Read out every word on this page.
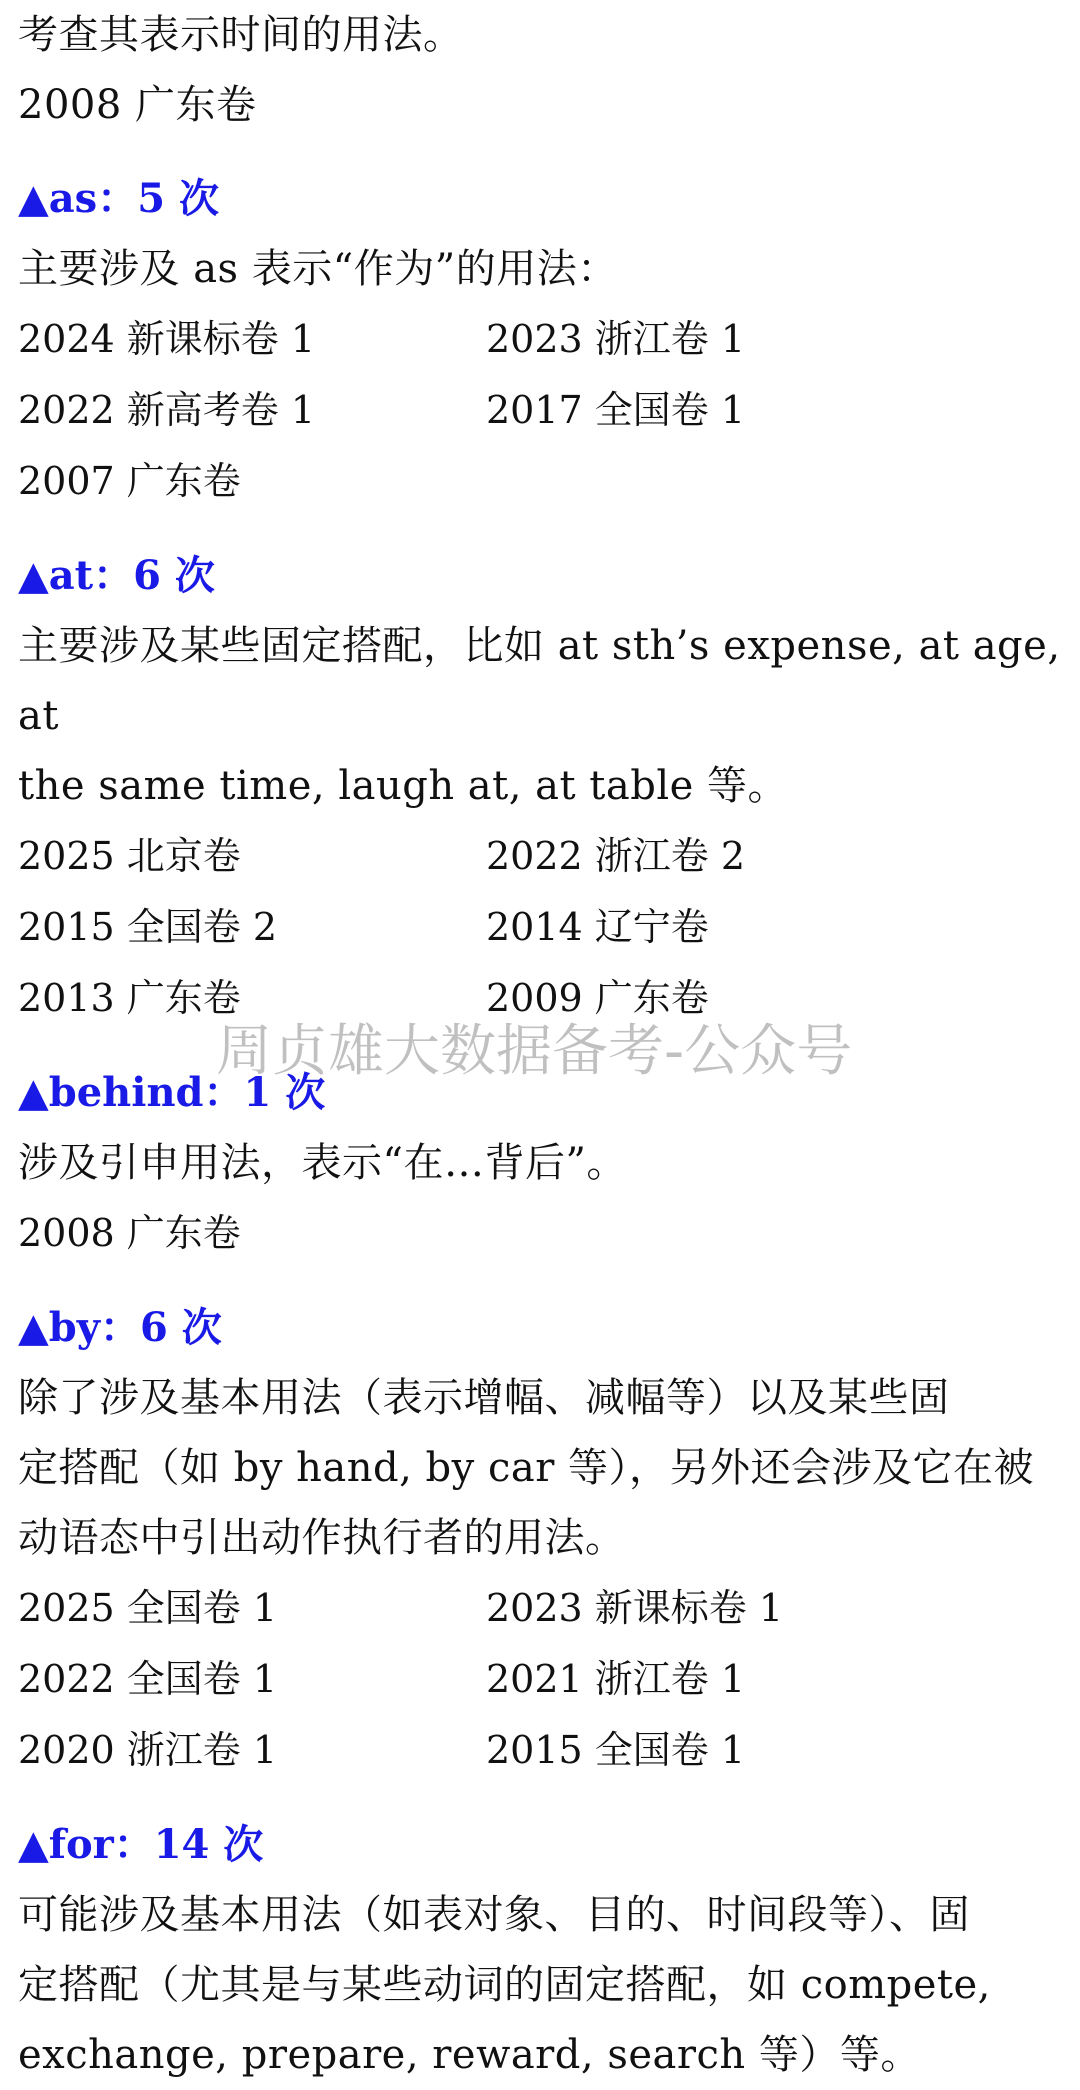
考查其表示时间的用法。

2008 广东卷

▲as：5 次

主要涉及 as 表示“作为”的用法：

2024 新课标卷 1	2023 浙江卷 1
2022 新高考卷 1	2017 全国卷 1
2007 广东卷

▲at：6 次

主要涉及某些固定搭配，比如 at sth’s expense, at age, at

the same time, laugh at, at table 等。

2025 北京卷	2022 浙江卷 2
2015 全国卷 2	2014 辽宁卷
2013 广东卷	2009 广东卷

▲behind：1 次

涉及引申用法，表示“在…背后”。

2008 广东卷

▲by：6 次

除了涉及基本用法（表示增幅、减幅等）以及某些固

定搭配（如 by hand, by car 等），另外还会涉及它在被

动语态中引出动作执行者的用法。

2025 全国卷 1	2023 新课标卷 1
2022 全国卷 1	2021 浙江卷 1
2020 浙江卷 1	2015 全国卷 1

▲for：14 次

可能涉及基本用法（如表对象、目的、时间段等）、固

定搭配（尤其是与某些动词的固定搭配，如 compete,

exchange, prepare, reward, search 等）等。

周贞雄大数据备考-公众号
